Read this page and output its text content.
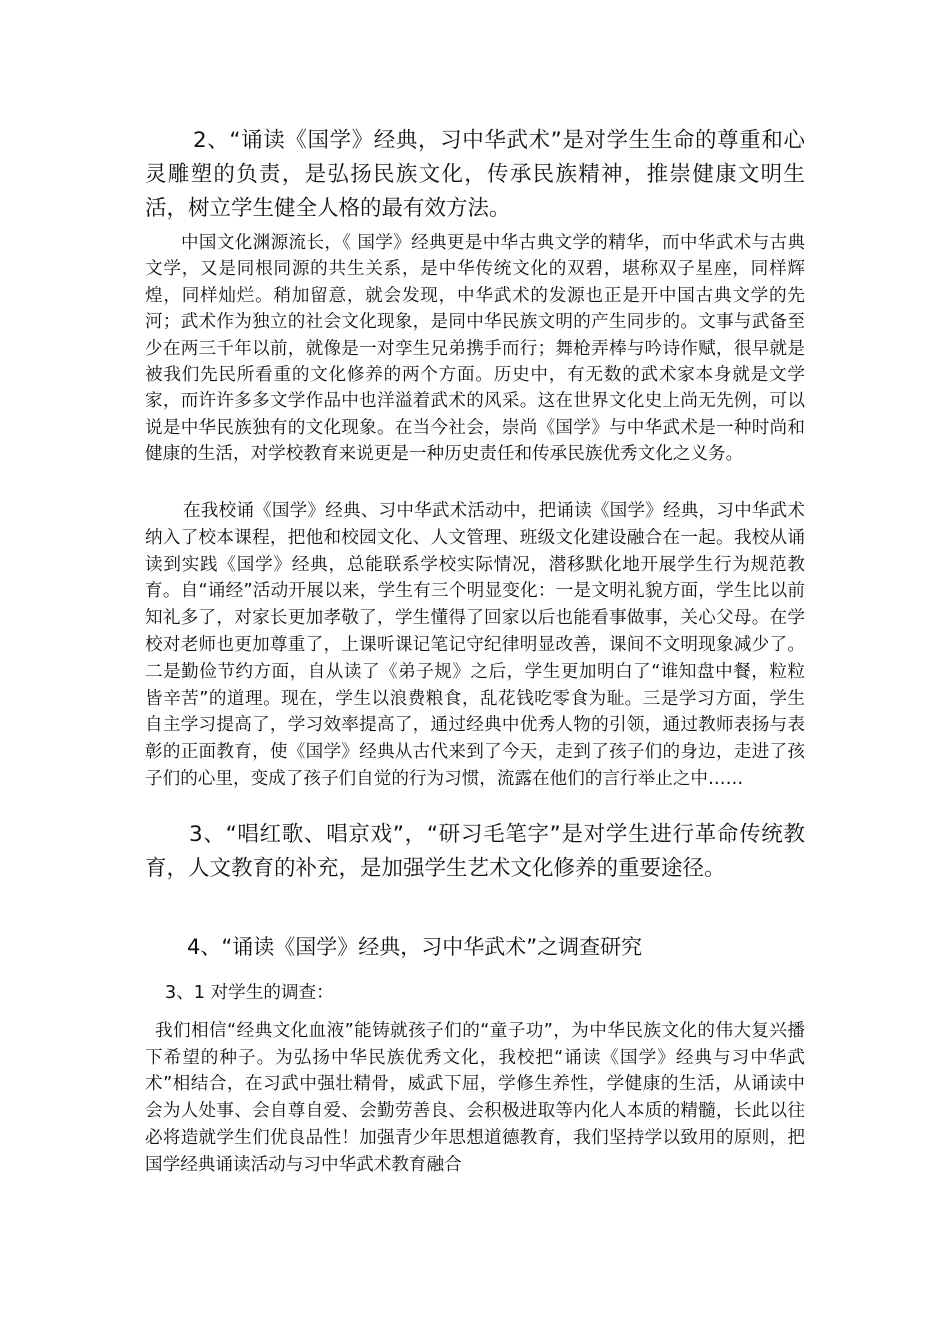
2、“诵读《国学》经典，习中华武术”是对学生生命的尊重和心灵雕塑的负责，是弘扬民族文化，传承民族精神，推崇健康文明生活，树立学生健全人格的最有效方法。

中国文化渊源流长，《 国学》经典更是中华古典文学的精华，而中华武术与古典文学，又是同根同源的共生关系，是中华传统文化的双碧，堪称双子星座，同样辉煌，同样灿烂。稍加留意，就会发现，中华武术的发源也正是开中国古典文学的先河；武术作为独立的社会文化现象，是同中华民族文明的产生同步的。文事与武备至少在两三千年以前，就像是一对孪生兄弟携手而行；舞枪弄棒与吟诗作赋，很早就是被我们先民所看重的文化修养的两个方面。历史中，有无数的武术家本身就是文学家，而许许多多文学作品中也洋溢着武术的风采。这在世界文化史上尚无先例，可以说是中华民族独有的文化现象。在当今社会，崇尚《国学》与中华武术是一种时尚和健康的生活，对学校教育来说更是一种历史责任和传承民族优秀文化之义务。

在我校诵《国学》经典、习中华武术活动中，把诵读《国学》经典，习中华武术纳入了校本课程，把他和校园文化、人文管理、班级文化建设融合在一起。我校从诵读到实践《国学》经典，总能联系学校实际情况，潜移默化地开展学生行为规范教育。自“诵经”活动开展以来，学生有三个明显变化：一是文明礼貌方面，学生比以前知礼多了，对家长更加孝敬了，学生懂得了回家以后也能看事做事，关心父母。在学校对老师也更加尊重了，上课听课记笔记守纪律明显改善，课间不文明现象减少了。二是勤俭节约方面，自从读了《弟子规》之后，学生更加明白了“谁知盘中餐，粒粒皆辛苦”的道理。现在，学生以浪费粮食，乱花钱吃零食为耻。三是学习方面，学生自主学习提高了，学习效率提高了，通过经典中优秀人物的引领，通过教师表扬与表彰的正面教育，使《国学》经典从古代来到了今天，走到了孩子们的身边，走进了孩子们的心里，变成了孩子们自觉的行为习惯，流露在他们的言行举止之中……

3、“唱红歌、唱京戏”，“研习毛笔字”是对学生进行革命传统教育，人文教育的补充，是加强学生艺术文化修养的重要途径。

4、“诵读《国学》经典，习中华武术”之调查研究

3、1 对学生的调查：

我们相信“经典文化血液”能铸就孩子们的“童子功”，为中华民族文化的伟大复兴播下希望的种子。为弘扬中华民族优秀文化，我校把“诵读《国学》经典与习中华武术”相结合，在习武中强壮精骨，威武下屈，学修生养性，学健康的生活，从诵读中会为人处事、会自尊自爱、会勤劳善良、会积极进取等内化人本质的精髓，长此以往必将造就学生们优良品性！加强青少年思想道德教育，我们坚持学以致用的原则，把国学经典诵读活动与习中华武术教育融合
